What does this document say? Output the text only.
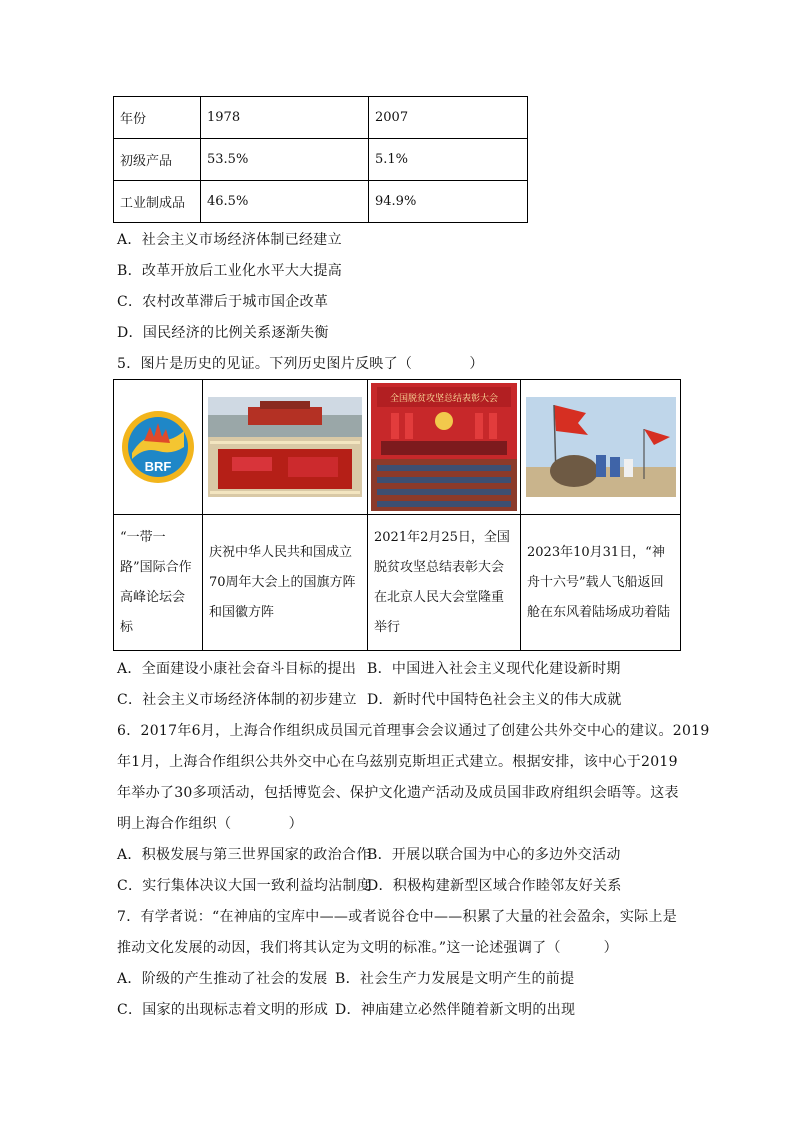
年份	1978	2007
初级产品	53.5%	5.1%
工业制成品	46.5%	94.9%
A．社会主义市场经济体制已经建立
B．改革开放后工业化水平大大提高
C．农村改革滞后于城市国企改革
D．国民经济的比例关系逐渐失衡
5．图片是历史的见证。下列历史图片反映了（　　　　）
BRF		全国脱贫攻坚总结表彰大会

“一带一路”国际合作高峰论坛会标	庆祝中华人民共和国成立70周年大会上的国旗方阵和国徽方阵	2021年2月25日，全国脱贫攻坚总结表彰大会在北京人民大会堂隆重举行	2023年10月31日，“神舟十六号”载人飞船返回舱在东风着陆场成功着陆
A．全面建设小康社会奋斗目标的提出 B．中国进入社会主义现代化建设新时期
C．社会主义市场经济体制的初步建立 D．新时代中国特色社会主义的伟大成就
6．2017年6月，上海合作组织成员国元首理事会会议通过了创建公共外交中心的建议。2019
年1月，上海合作组织公共外交中心在乌兹别克斯坦正式建立。根据安排，该中心于2019
年举办了30多项活动，包括博览会、保护文化遗产活动及成员国非政府组织会晤等。这表
明上海合作组织（　　　　）
A．积极发展与第三世界国家的政治合作
B．开展以联合国为中心的多边外交活动
C．实行集体决议大国一致利益均沾制度
D．积极构建新型区域合作睦邻友好关系
7．有学者说：“在神庙的宝库中——或者说谷仓中——积累了大量的社会盈余，实际上是
推动文化发展的动因，我们将其认定为文明的标准。”这一论述强调了（　　　）
A．阶级的产生推动了社会的发展 B．社会生产力发展是文明产生的前提
C．国家的出现标志着文明的形成 D．神庙建立必然伴随着新文明的出现
